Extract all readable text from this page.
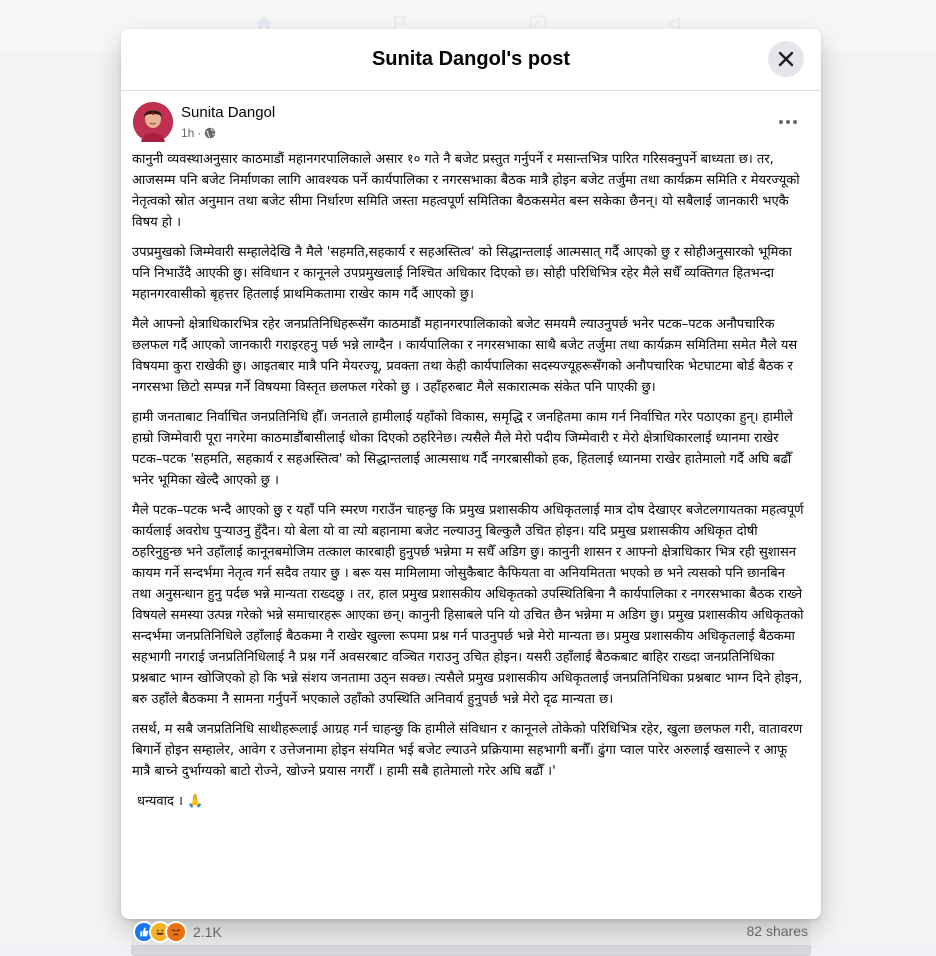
Sunita Dangol's post
Sunita Dangol
1h ·

कानुनी व्यवस्थाअनुसार काठमाडौं महानगरपालिकाले असार १० गते नै बजेट प्रस्तुत गर्नुपर्ने र मसान्तभित्र पारित गरिसक्नुपर्ने बाध्यता छ। तर, आजसम्म पनि बजेट निर्माणका लागि आवश्यक पर्ने कार्यपालिका र नगरसभाका बैठक मात्रै होइन बजेट तर्जुमा तथा कार्यक्रम समिति र मेयरज्यूको नेतृत्वको स्रोत अनुमान तथा बजेट सीमा निर्धारण समिति जस्ता महत्वपूर्ण समितिका बैठकसमेत बस्न सकेका छैनन्। यो सबैलाई जानकारी भएकै विषय हो ।

उपप्रमुखको जिम्मेवारी सम्हालेदेखि नै मैले 'सहमति,सहकार्य र सहअस्तित्व' को सिद्धान्तलाई आत्मसात् गर्दै आएको छु र सोहीअनुसारको भूमिका पनि निभाउँदै आएकी छु। संविधान र कानूनले उपप्रमुखलाई निश्चित अधिकार दिएको छ। सोही परिधिभित्र रहेर मैले सधैँ व्यक्तिगत हितभन्दा महानगरवासीको बृहत्तर हितलाई प्राथमिकतामा राखेर काम गर्दै आएको छु।

मैले आफ्नो क्षेत्राधिकारभित्र रहेर जनप्रतिनिधिहरूसँग काठमाडौं महानगरपालिकाको बजेट समयमै ल्याउनुपर्छ भनेर पटक–पटक अनौपचारिक छलफल गर्दै आएको जानकारी गराइरहनु पर्छ भन्ने लाग्दैन । कार्यपालिका र नगरसभाका साथै बजेट तर्जुमा तथा कार्यक्रम समितिमा समेत मैले यस विषयमा कुरा राखेकी छु। आइतबार मात्रै पनि मेयरज्यू, प्रवक्ता तथा केही कार्यपालिका सदस्यज्यूहरूसँगको अनौपचारिक भेटघाटमा बोर्ड बैठक र नगरसभा छिटो सम्पन्न गर्ने विषयमा विस्तृत छलफल गरेको छु । उहाँहरुबाट मैले सकारात्मक संकेत पनि पाएकी छु।

हामी जनताबाट निर्वाचित जनप्रतिनिधि हौँ। जनताले हामीलाई यहाँको विकास, समृद्धि र जनहितमा काम गर्न निर्वाचित गरेर पठाएका हुन्। हामीले हाम्रो जिम्मेवारी पूरा नगरेमा काठमाडौंबासीलाई धोका दिएको ठहरिनेछ। त्यसैले मैले मेरो पदीय जिम्मेवारी र मेरो क्षेत्राधिकारलाई ध्यानमा राखेर पटक–पटक 'सहमति, सहकार्य र सहअस्तित्व' को सिद्धान्तलाई आत्मसाथ गर्दै नगरबासीको हक, हितलाई ध्यानमा राखेर हातेमालो गर्दै अघि बढौँ भनेर भूमिका खेल्दै आएको छु ।

मैले पटक–पटक भन्दै आएको छु र यहाँ पनि स्मरण गराउँन चाहन्छु कि प्रमुख प्रशासकीय अधिकृतलाई मात्र दोष देखाएर बजेटलगायतका महत्वपूर्ण कार्यलाई अवरोध पुर्‍याउनु हुँदैन। यो बेला यो वा त्यो बहानामा बजेट नल्याउनु बिल्कुलै उचित होइन। यदि प्रमुख प्रशासकीय अधिकृत दोषी ठहरिनुहुन्छ भने उहाँलाई कानूनबमोजिम तत्काल कारबाही हुनुपर्छ भन्नेमा म सधैँ अडिग छु। कानुनी शासन र आफ्नो क्षेत्राधिकार भित्र रही सुशासन कायम गर्ने सन्दर्भमा नेतृत्व गर्न सदैव तयार छु । बरू यस मामिलामा जोसुकैबाट कैफियता वा अनियमितता भएको छ भने त्यसको पनि छानबिन तथा अनुसन्धान हुनु पर्दछ भन्ने मान्यता राख्दछु । तर, हाल प्रमुख प्रशासकीय अधिकृतको उपस्थितिबिना नै कार्यपालिका र नगरसभाका बैठक राख्ने विषयले समस्या उत्पन्न गरेको भन्ने समाचारहरू आएका छन्। कानुनी हिसाबले पनि यो उचित छैन भन्नेमा म अडिग छु। प्रमुख प्रशासकीय अधिकृतको सन्दर्भमा जनप्रतिनिधिले उहाँलाई बैठकमा नै राखेर खुल्ला रूपमा प्रश्न गर्न पाउनुपर्छ भन्ने मेरो मान्यता छ। प्रमुख प्रशासकीय अधिकृतलाई बैठकमा सहभागी नगराई जनप्रतिनिधिलाई नै प्रश्न गर्ने अवसरबाट वञ्चित गराउनु उचित होइन। यसरी उहाँलाई बैठकबाट बाहिर राख्दा जनप्रतिनिधिका प्रश्नबाट भाग्न खोजिएको हो कि भन्ने संशय जनतामा उठ्न सक्छ। त्यसैले प्रमुख प्रशासकीय अधिकृतलाई जनप्रतिनिधिका प्रश्नबाट भाग्न दिने होइन, बरु उहाँले बैठकमा नै सामना गर्नुपर्ने भएकाले उहाँको उपस्थिति अनिवार्य हुनुपर्छ भन्ने मेरो दृढ मान्यता छ।

तसर्थ, म सबै जनप्रतिनिधि साथीहरूलाई आग्रह गर्न चाहन्छु कि हामीले संविधान र कानूनले तोकेको परिधिभित्र रहेर, खुला छलफल गरी, वातावरण बिगार्ने होइन सम्हालेर, आवेग र उत्तेजनामा होइन संयमित भई बजेट ल्याउने प्रक्रियामा सहभागी बनौँ। ढुंगा प्वाल पारेर अरुलाई खसाल्ने र आफू मात्रै बाच्ने दुर्भाग्यको बाटो रोज्ने, खोज्ने प्रयास नगरौँ । हामी सबै हातेमालो गरेर अघि बढौँ ।'

धन्यवाद । 🙏

2.1K	82 shares
